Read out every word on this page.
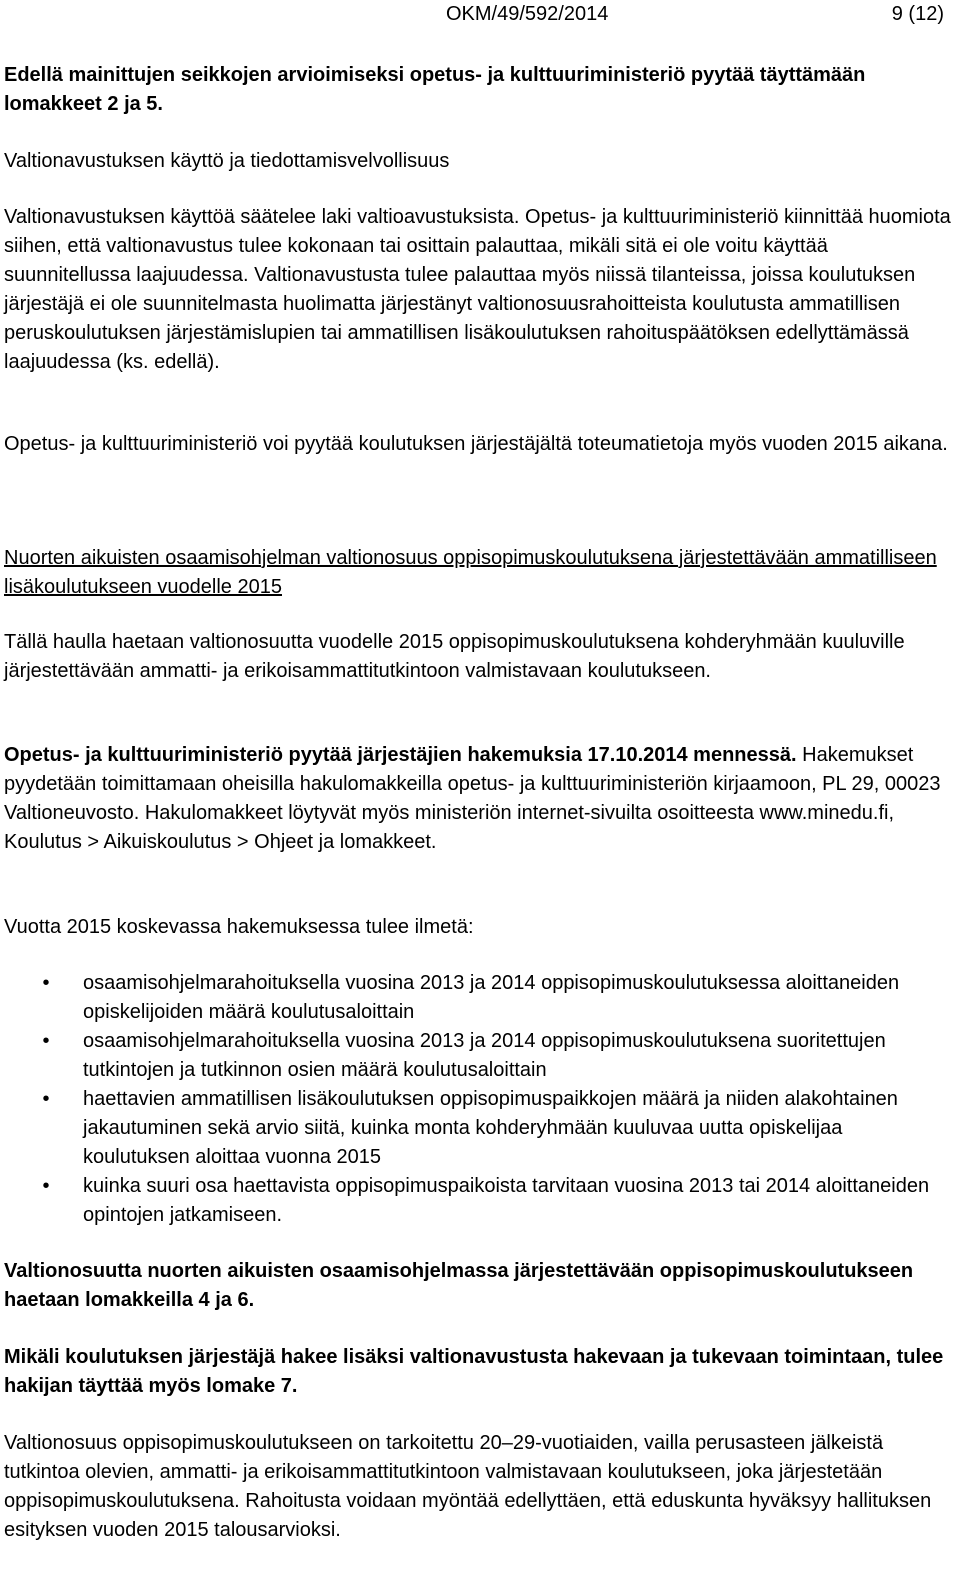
OKM/49/592/2014	9 (12)

Edellä mainittujen seikkojen arvioimiseksi opetus- ja kulttuuriministeriö pyytää täyttämään lomakkeet 2 ja 5.

Valtionavustuksen käyttö ja tiedottamisvelvollisuus

Valtionavustuksen käyttöä säätelee laki valtioavustuksista. Opetus- ja kulttuuriministeriö kiinnittää huomiota siihen, että valtionavustus tulee kokonaan tai osittain palauttaa, mikäli sitä ei ole voitu käyttää suunnitellussa laajuudessa. Valtionavustusta tulee palauttaa myös niissä tilanteissa, joissa koulutuksen järjestäjä ei ole suunnitelmasta huolimatta järjestänyt valtionosuusrahoitteista koulutusta ammatillisen peruskoulutuksen järjestämislupien tai ammatillisen lisäkoulutuksen rahoituspäätöksen edellyttämässä laajuudessa (ks. edellä).

Opetus- ja kulttuuriministeriö voi pyytää koulutuksen järjestäjältä toteumatietoja myös vuoden 2015 aikana.

Nuorten aikuisten osaamisohjelman valtionosuus oppisopimuskoulutuksena järjestettävään ammatilliseen lisäkoulutukseen vuodelle 2015

Tällä haulla haetaan valtionosuutta vuodelle 2015 oppisopimuskoulutuksena kohderyhmään kuuluville järjestettävään ammatti- ja erikoisammattitutkintoon valmistavaan koulutukseen.

Opetus- ja kulttuuriministeriö pyytää järjestäjien hakemuksia 17.10.2014 mennessä. Hakemukset pyydetään toimittamaan oheisilla hakulomakkeilla opetus- ja kulttuuriministeriön kirjaamoon, PL 29, 00023 Valtioneuvosto. Hakulomakkeet löytyvät myös ministeriön internet-sivuilta osoitteesta www.minedu.fi, Koulutus > Aikuiskoulutus > Ohjeet ja lomakkeet.

Vuotta 2015 koskevassa hakemuksessa tulee ilmetä:

• osaamisohjelmarahoituksella vuosina 2013 ja 2014 oppisopimuskoulutuksessa aloittaneiden opiskelijoiden määrä koulutusaloittain
• osaamisohjelmarahoituksella vuosina 2013 ja 2014 oppisopimuskoulutuksena suoritettujen tutkintojen ja tutkinnon osien määrä koulutusaloittain
• haettavien ammatillisen lisäkoulutuksen oppisopimuspaikkojen määrä ja niiden alakohtainen jakautuminen sekä arvio siitä, kuinka monta kohderyhmään kuuluvaa uutta opiskelijaa koulutuksen aloittaa vuonna 2015
• kuinka suuri osa haettavista oppisopimuspaikoista tarvitaan vuosina 2013 tai 2014 aloittaneiden opintojen jatkamiseen.

Valtionosuutta nuorten aikuisten osaamisohjelmassa järjestettävään oppisopimuskoulutukseen haetaan lomakkeilla 4 ja 6.

Mikäli koulutuksen järjestäjä hakee lisäksi valtionavustusta hakevaan ja tukevaan toimintaan, tulee hakijan täyttää myös lomake 7.

Valtionosuus oppisopimuskoulutukseen on tarkoitettu 20–29-vuotiaiden, vailla perusasteen jälkeistä tutkintoa olevien, ammatti- ja erikoisammattitutkintoon valmistavaan koulutukseen, joka järjestetään oppisopimuskoulutuksena. Rahoitusta voidaan myöntää edellyttäen, että eduskunta hyväksyy hallituksen esityksen vuoden 2015 talousarvioksi.
